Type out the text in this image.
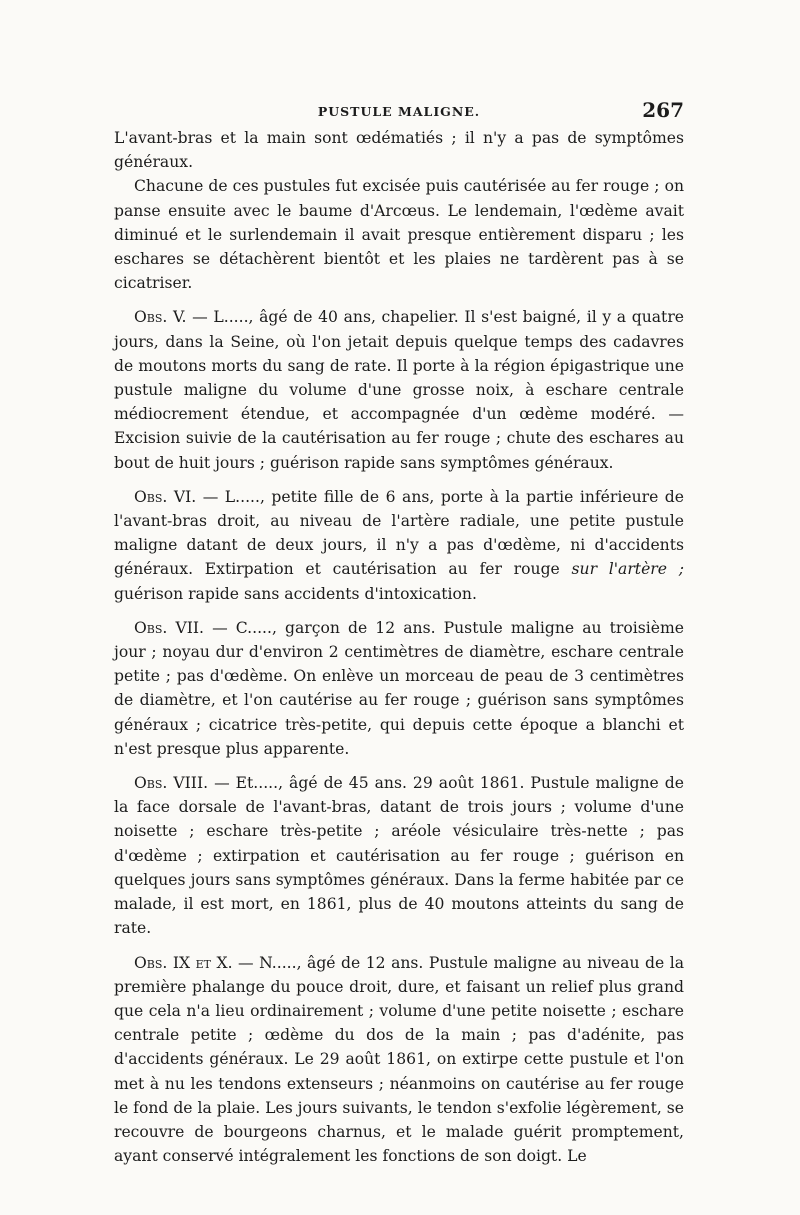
PUSTULE MALIGNE.	267

L'avant-bras et la main sont œdématiés ; il n'y a pas de symptômes généraux.

Chacune de ces pustules fut excisée puis cautérisée au fer rouge ; on panse ensuite avec le baume d'Arcœus. Le lendemain, l'œdème avait diminué et le surlendemain il avait presque entièrement disparu ; les eschares se détachèrent bientôt et les plaies ne tardèrent pas à se cicatriser.

Obs. V. — L....., âgé de 40 ans, chapelier. Il s'est baigné, il y a quatre jours, dans la Seine, où l'on jetait depuis quelque temps des cadavres de moutons morts du sang de rate. Il porte à la région épigastrique une pustule maligne du volume d'une grosse noix, à eschare centrale médiocrement étendue, et accompagnée d'un œdème modéré. — Excision suivie de la cautérisation au fer rouge ; chute des eschares au bout de huit jours ; guérison rapide sans symptômes généraux.

Obs. VI. — L....., petite fille de 6 ans, porte à la partie inférieure de l'avant-bras droit, au niveau de l'artère radiale, une petite pustule maligne datant de deux jours, il n'y a pas d'œdème, ni d'accidents généraux. Extirpation et cautérisation au fer rouge sur l'artère ; guérison rapide sans accidents d'intoxication.

Obs. VII. — C....., garçon de 12 ans. Pustule maligne au troisième jour ; noyau dur d'environ 2 centimètres de diamètre, eschare centrale petite ; pas d'œdème. On enlève un morceau de peau de 3 centimètres de diamètre, et l'on cautérise au fer rouge ; guérison sans symptômes généraux ; cicatrice très-petite, qui depuis cette époque a blanchi et n'est presque plus apparente.

Obs. VIII. — Et....., âgé de 45 ans. 29 août 1861. Pustule maligne de la face dorsale de l'avant-bras, datant de trois jours ; volume d'une noisette ; eschare très-petite ; aréole vésiculaire très-nette ; pas d'œdème ; extirpation et cautérisation au fer rouge ; guérison en quelques jours sans symptômes généraux. Dans la ferme habitée par ce malade, il est mort, en 1861, plus de 40 moutons atteints du sang de rate.

Obs. IX et X. — N....., âgé de 12 ans. Pustule maligne au niveau de la première phalange du pouce droit, dure, et faisant un relief plus grand que cela n'a lieu ordinairement ; volume d'une petite noisette ; eschare centrale petite ; œdème du dos de la main ; pas d'adénite, pas d'accidents généraux. Le 29 août 1861, on extirpe cette pustule et l'on met à nu les tendons extenseurs ; néanmoins on cautérise au fer rouge le fond de la plaie. Les jours suivants, le tendon s'exfolie légèrement, se recouvre de bourgeons charnus, et le malade guérit promptement, ayant conservé intégralement les fonctions de son doigt. Le
